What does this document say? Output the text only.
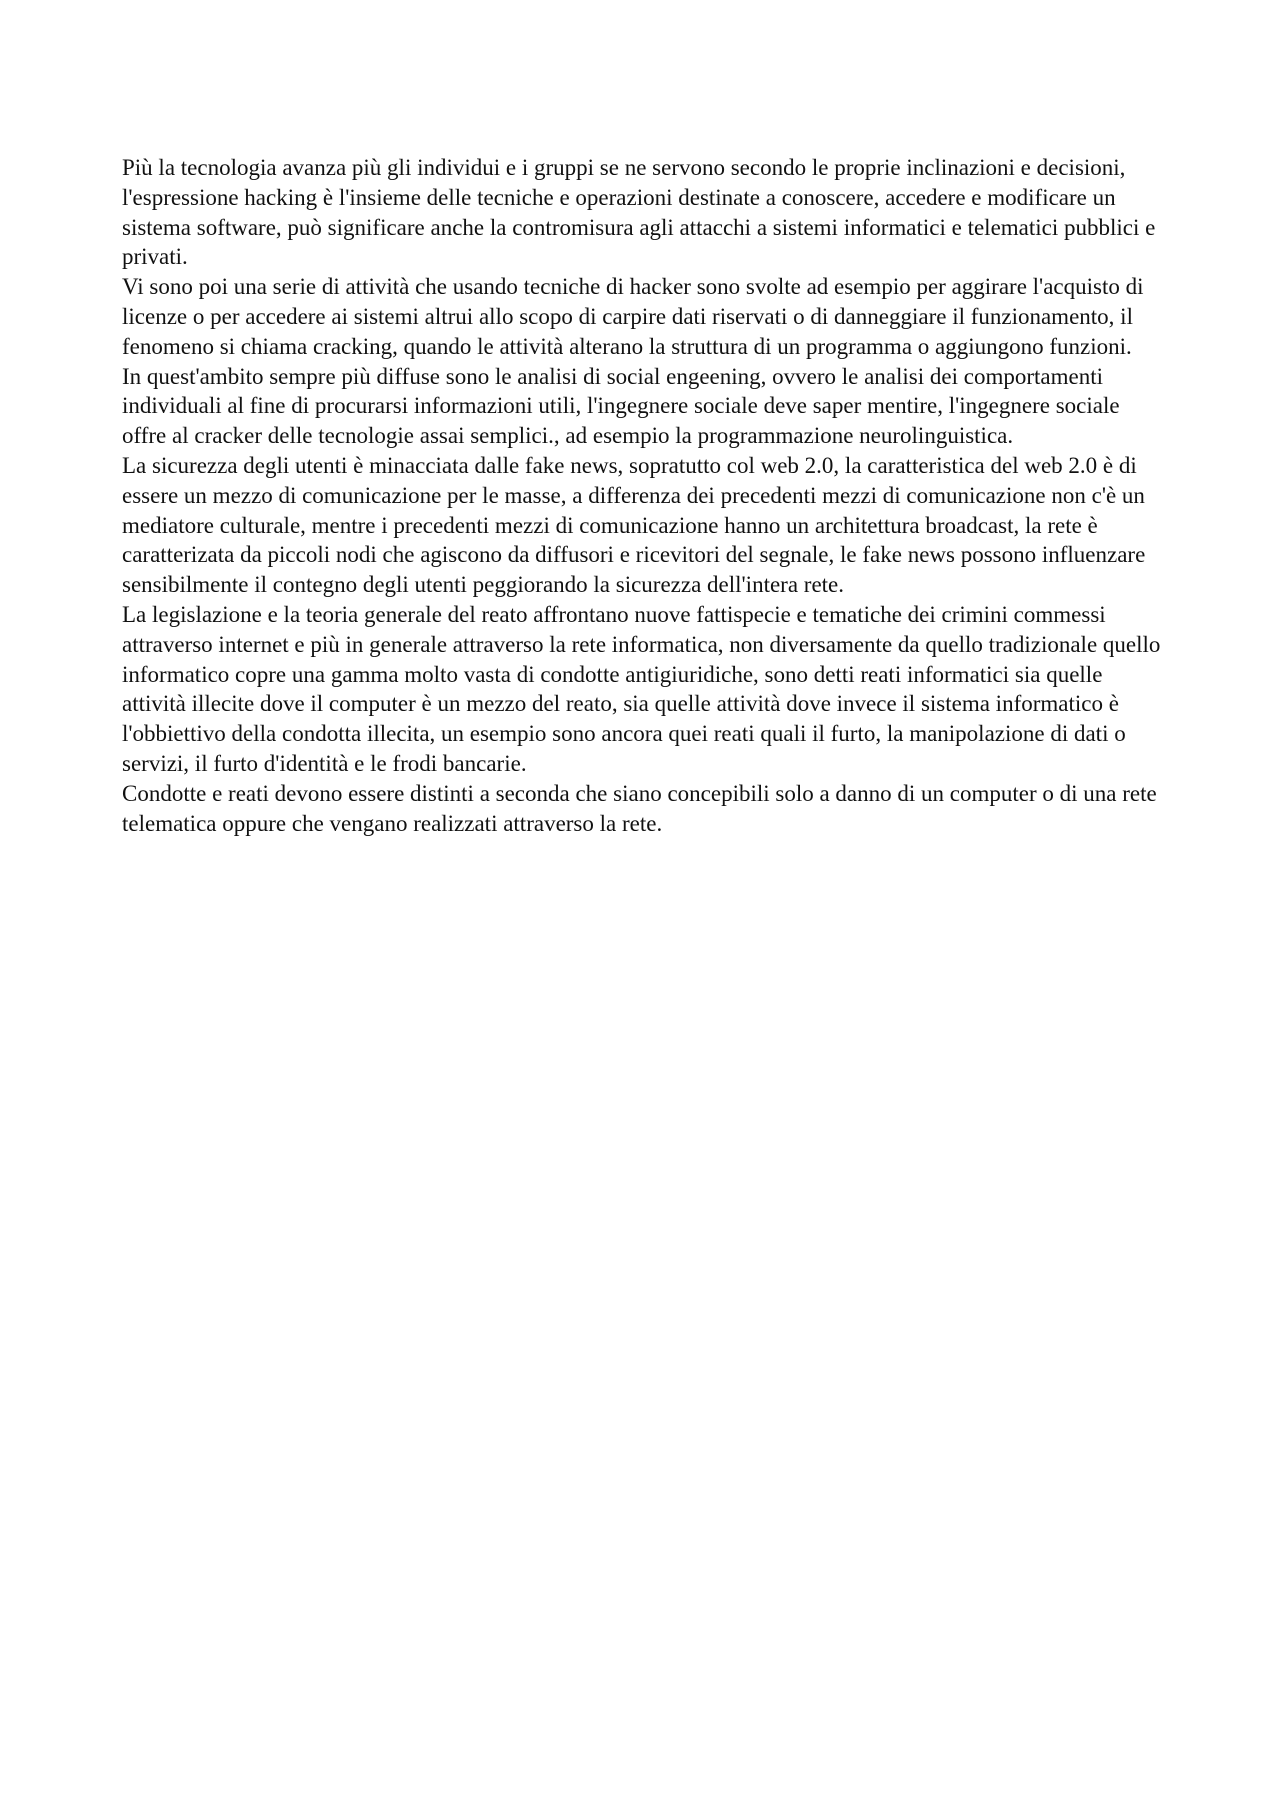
Più la tecnologia avanza più gli individui e i gruppi se ne servono secondo le proprie inclinazioni e decisioni, l'espressione hacking è l'insieme delle tecniche e operazioni destinate a conoscere, accedere e modificare un sistema software, può significare anche la contromisura agli attacchi a sistemi informatici e telematici pubblici e privati.

Vi sono poi una serie di attività che usando tecniche di hacker sono svolte ad esempio per aggirare l'acquisto di licenze o per accedere ai sistemi altrui allo scopo di carpire dati riservati o di danneggiare il funzionamento, il fenomeno si chiama cracking, quando le attività alterano la struttura di un programma o aggiungono funzioni.

In quest'ambito sempre più diffuse sono le analisi di social engeening, ovvero le analisi dei comportamenti individuali al fine di procurarsi informazioni utili, l'ingegnere sociale deve saper mentire, l'ingegnere sociale offre al cracker delle tecnologie assai semplici., ad esempio la programmazione neurolinguistica.

La sicurezza degli utenti è minacciata dalle fake news, sopratutto col web 2.0, la caratteristica del web 2.0 è di essere un mezzo di comunicazione per le masse, a differenza dei precedenti mezzi di comunicazione non c'è un mediatore culturale, mentre i precedenti mezzi di comunicazione hanno un architettura broadcast, la rete è caratterizata da piccoli nodi che agiscono da diffusori e ricevitori del segnale, le fake news possono influenzare sensibilmente il contegno degli utenti peggiorando la sicurezza dell'intera rete.

La legislazione e la teoria generale del reato affrontano nuove fattispecie e tematiche dei crimini commessi attraverso internet e più in generale attraverso la rete informatica, non diversamente da quello tradizionale quello informatico copre una gamma molto vasta di condotte antigiuridiche, sono detti reati informatici sia quelle attività illecite dove il computer è un mezzo del reato, sia quelle attività dove invece il sistema informatico è l'obbiettivo della condotta illecita, un esempio sono ancora quei reati quali il furto, la manipolazione di dati o servizi, il furto d'identità e le frodi bancarie.

Condotte e reati devono essere distinti a seconda che siano concepibili solo a danno di un computer o di una rete telematica oppure che vengano realizzati attraverso la rete.
